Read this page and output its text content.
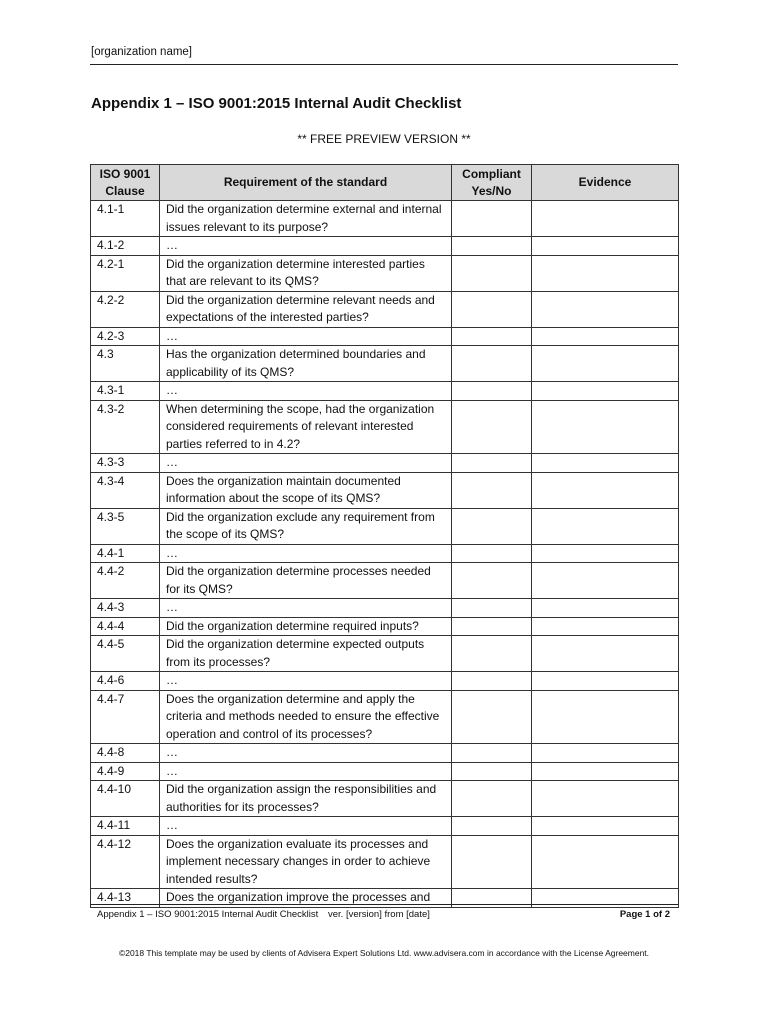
[organization name]
Appendix 1 – ISO 9001:2015 Internal Audit Checklist
** FREE PREVIEW VERSION **
ISO 9001 Clause	Requirement of the standard	Compliant Yes/No	Evidence
4.1-1	Did the organization determine external and internal issues relevant to its purpose?		
4.1-2	…		
4.2-1	Did the organization determine interested parties that are relevant to its QMS?		
4.2-2	Did the organization determine relevant needs and expectations of the interested parties?		
4.2-3	…		
4.3	Has the organization determined boundaries and applicability of its QMS?		
4.3-1	…		
4.3-2	When determining the scope, had the organization considered requirements of relevant interested parties referred to in 4.2?		
4.3-3	…		
4.3-4	Does the organization maintain documented information about the scope of its QMS?		
4.3-5	Did the organization exclude any requirement from the scope of its QMS?		
4.4-1	…		
4.4-2	Did the organization determine processes needed for its QMS?		
4.4-3	…		
4.4-4	Did the organization determine required inputs?		
4.4-5	Did the organization determine expected outputs from its processes?		
4.4-6	…		
4.4-7	Does the organization determine and apply the criteria and methods needed to ensure the effective operation and control of its processes?		
4.4-8	…		
4.4-9	…		
4.4-10	Did the organization assign the responsibilities and authorities for its processes?		
4.4-11	…		
4.4-12	Does the organization evaluate its processes and implement necessary changes in order to achieve intended results?		
4.4-13	Does the organization improve the processes and		
Appendix 1 – ISO 9001:2015 Internal Audit Checklist	ver. [version] from [date]	Page 1 of 2
©2018 This template may be used by clients of Advisera Expert Solutions Ltd. www.advisera.com in accordance with the License Agreement.
